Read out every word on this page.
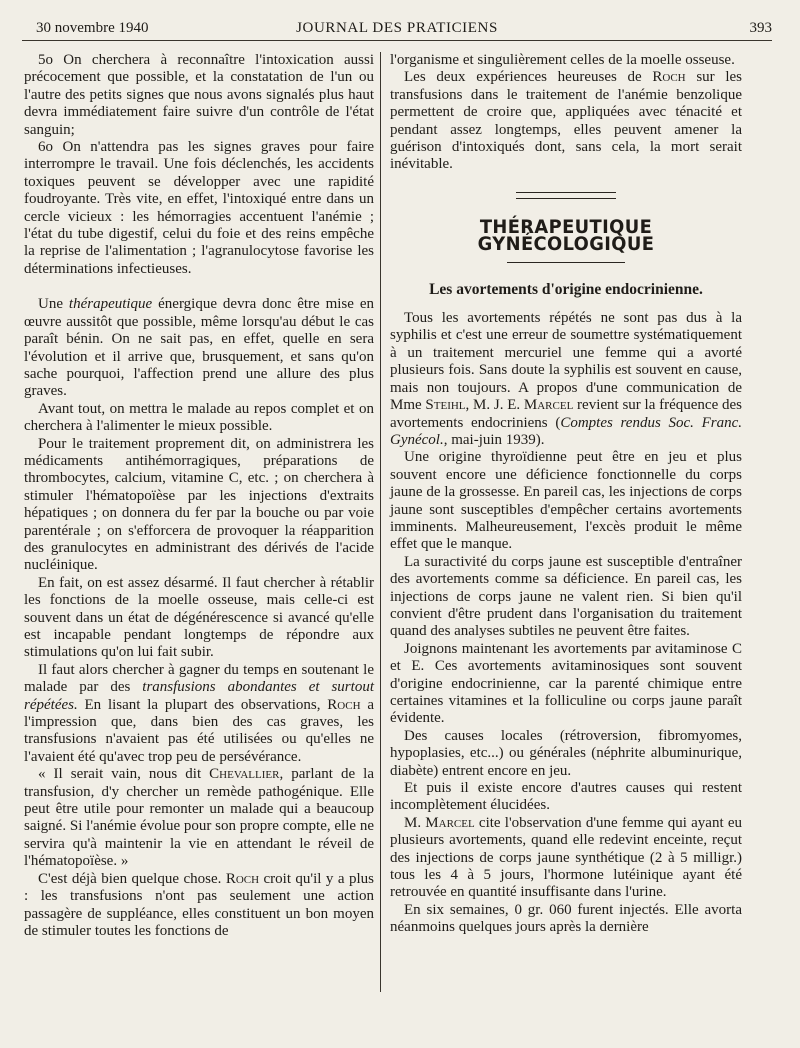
30 novembre 1940	JOURNAL DES PRATICIENS	393

5o On cherchera à reconnaître l'intoxication aussi précocement que possible, et la constatation de l'un ou l'autre des petits signes que nous avons signalés plus haut devra immédiatement faire suivre d'un contrôle de l'état sanguin;

6o On n'attendra pas les signes graves pour faire interrompre le travail. Une fois déclenchés, les accidents toxiques peuvent se développer avec une rapidité foudroyante. Très vite, en effet, l'intoxiqué entre dans un cercle vicieux : les hémorragies accentuent l'anémie ; l'état du tube digestif, celui du foie et des reins empêche la reprise de l'alimentation ; l'agranulocytose favorise les déterminations infectieuses.

Une thérapeutique énergique devra donc être mise en œuvre aussitôt que possible, même lorsqu'au début le cas paraît bénin. On ne sait pas, en effet, quelle en sera l'évolution et il arrive que, brusquement, et sans qu'on sache pourquoi, l'affection prend une allure des plus graves.

Avant tout, on mettra le malade au repos complet et on cherchera à l'alimenter le mieux possible.

Pour le traitement proprement dit, on administrera les médicaments antihémorragiques, préparations de thrombocytes, calcium, vitamine C, etc. ; on cherchera à stimuler l'hématopoïèse par les injections d'extraits hépatiques ; on donnera du fer par la bouche ou par voie parentérale ; on s'efforcera de provoquer la réapparition des granulocytes en administrant des dérivés de l'acide nucléinique.

En fait, on est assez désarmé. Il faut chercher à rétablir les fonctions de la moelle osseuse, mais celle-ci est souvent dans un état de dégénérescence si avancé qu'elle est incapable pendant longtemps de répondre aux stimulations qu'on lui fait subir.

Il faut alors chercher à gagner du temps en soutenant le malade par des transfusions abondantes et surtout répétées. En lisant la plupart des observations, Roch a l'impression que, dans bien des cas graves, les transfusions n'avaient pas été utilisées ou qu'elles ne l'avaient été qu'avec trop peu de persévérance.

« Il serait vain, nous dit Chevallier, parlant de la transfusion, d'y chercher un remède pathogénique. Elle peut être utile pour remonter un malade qui a beaucoup saigné. Si l'anémie évolue pour son propre compte, elle ne servira qu'à maintenir la vie en attendant le réveil de l'hématopoïèse. »

C'est déjà bien quelque chose. Roch croit qu'il y a plus : les transfusions n'ont pas seulement une action passagère de suppléance, elles constituent un bon moyen de stimuler toutes les fonctions de

l'organisme et singulièrement celles de la moelle osseuse.

Les deux expériences heureuses de Roch sur les transfusions dans le traitement de l'anémie benzolique permettent de croire que, appliquées avec ténacité et pendant assez longtemps, elles peuvent amener la guérison d'intoxiqués dont, sans cela, la mort serait inévitable.

THÉRAPEUTIQUE GYNÉCOLOGIQUE
Les avortements d'origine endocrinienne.

Tous les avortements répétés ne sont pas dus à la syphilis et c'est une erreur de soumettre systématiquement à un traitement mercuriel une femme qui a avorté plusieurs fois. Sans doute la syphilis est souvent en cause, mais non toujours. A propos d'une communication de Mme Steihl, M. J. E. Marcel revient sur la fréquence des avortements endocriniens (Comptes rendus Soc. Franc. Gynécol., mai-juin 1939).

Une origine thyroïdienne peut être en jeu et plus souvent encore une déficience fonctionnelle du corps jaune de la grossesse. En pareil cas, les injections de corps jaune sont susceptibles d'empêcher certains avortements imminents. Malheureusement, l'excès produit le même effet que le manque.

La suractivité du corps jaune est susceptible d'entraîner des avortements comme sa déficience. En pareil cas, les injections de corps jaune ne valent rien. Si bien qu'il convient d'être prudent dans l'organisation du traitement quand des analyses subtiles ne peuvent être faites.

Joignons maintenant les avortements par avitaminose C et E. Ces avortements avitaminosiques sont souvent d'origine endocrinienne, car la parenté chimique entre certaines vitamines et la folliculine ou corps jaune paraît évidente.

Des causes locales (rétroversion, fibromyomes, hypoplasies, etc...) ou générales (néphrite albuminurique, diabète) entrent encore en jeu.

Et puis il existe encore d'autres causes qui restent incomplètement élucidées.

M. Marcel cite l'observation d'une femme qui ayant eu plusieurs avortements, quand elle redevint enceinte, reçut des injections de corps jaune synthétique (2 à 5 milligr.) tous les 4 à 5 jours, l'hormone lutéinique ayant été retrouvée en quantité insuffisante dans l'urine.

En six semaines, 0 gr. 060 furent injectés. Elle avorta néanmoins quelques jours après la dernière
